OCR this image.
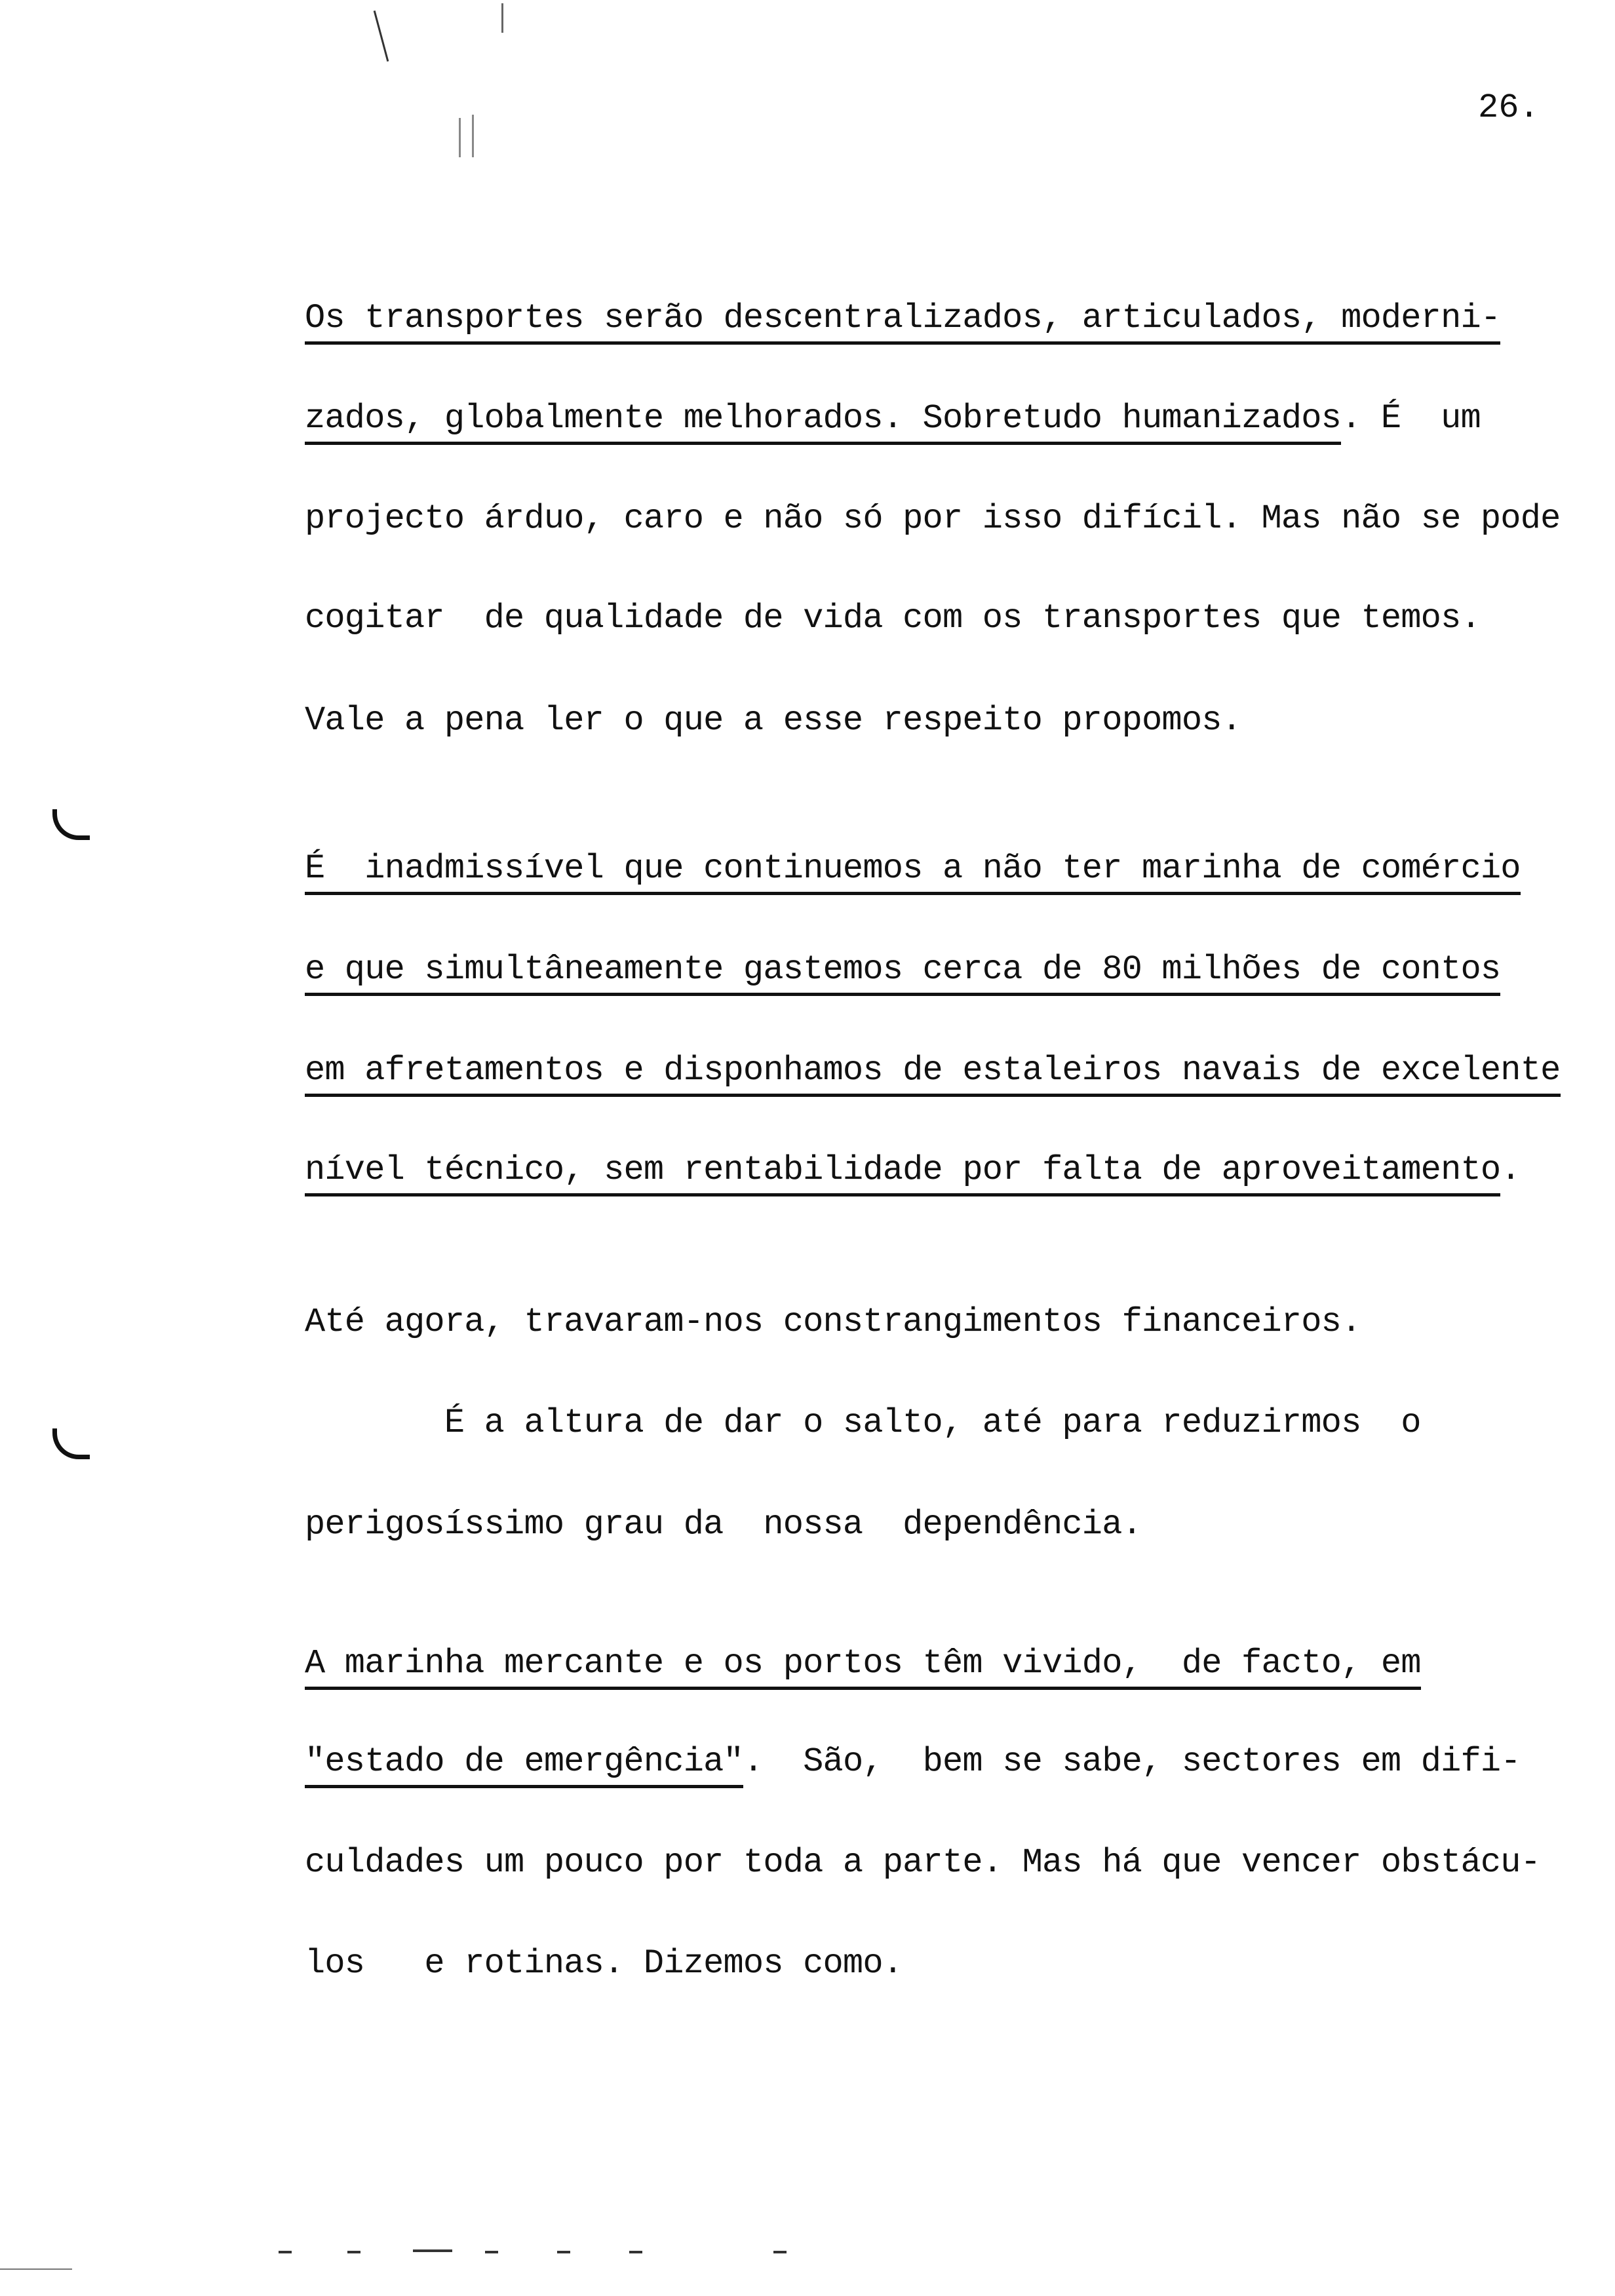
26.
Os transportes serão descentralizados, articulados, moderni-
zados, globalmente melhorados. Sobretudo humanizados. É  um
projecto árduo, caro e não só por isso difícil. Mas não se pode
cogitar  de qualidade de vida com os transportes que temos.
Vale a pena ler o que a esse respeito propomos.
É  inadmissível que continuemos a não ter marinha de comércio
e que simultâneamente gastemos cerca de 80 milhões de contos
em afretamentos e disponhamos de estaleiros navais de excelente
nível técnico, sem rentabilidade por falta de aproveitamento.
Até agora, travaram-nos constrangimentos financeiros.
É a altura de dar o salto, até para reduzirmos  o
perigosíssimo grau da  nossa  dependência.
A marinha mercante e os portos têm vivido,  de facto, em
"estado de emergência".  São,  bem se sabe, sectores em difi-
culdades um pouco por toda a parte. Mas há que vencer obstácu-
los   e rotinas. Dizemos como.
